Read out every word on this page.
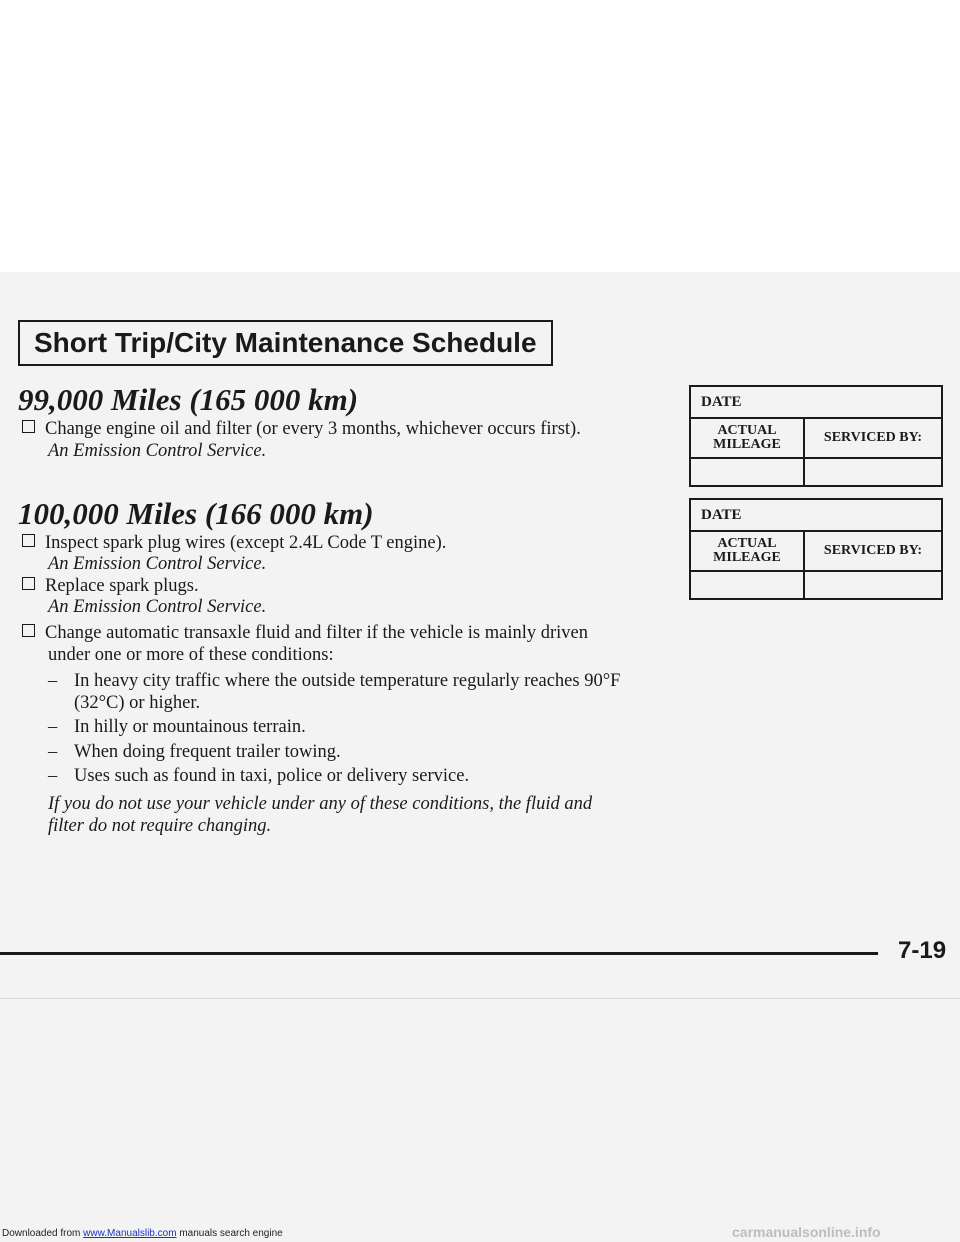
Short Trip/City Maintenance Schedule
99,000 Miles (165 000 km)
Change engine oil and filter (or every 3 months, whichever occurs first).
An Emission Control Service.
100,000 Miles (166 000 km)
Inspect spark plug wires (except 2.4L Code T engine).
An Emission Control Service.
Replace spark plugs.
An Emission Control Service.
Change automatic transaxle fluid and filter if the vehicle is mainly driven
under one or more of these conditions:
– In heavy city traffic where the outside temperature regularly reaches 90°F
(32°C) or higher.
– In hilly or mountainous terrain.
– When doing frequent trailer towing.
– Uses such as found in taxi, police or delivery service.
If you do not use your vehicle under any of these conditions, the fluid and
filter do not require changing.
DATE	
ACTUAL
MILEAGE	SERVICED BY:

DATE	
ACTUAL
MILEAGE	SERVICED BY:

7-19
Downloaded from www.Manualslib.com manuals search engine	carmanualsonline.info
